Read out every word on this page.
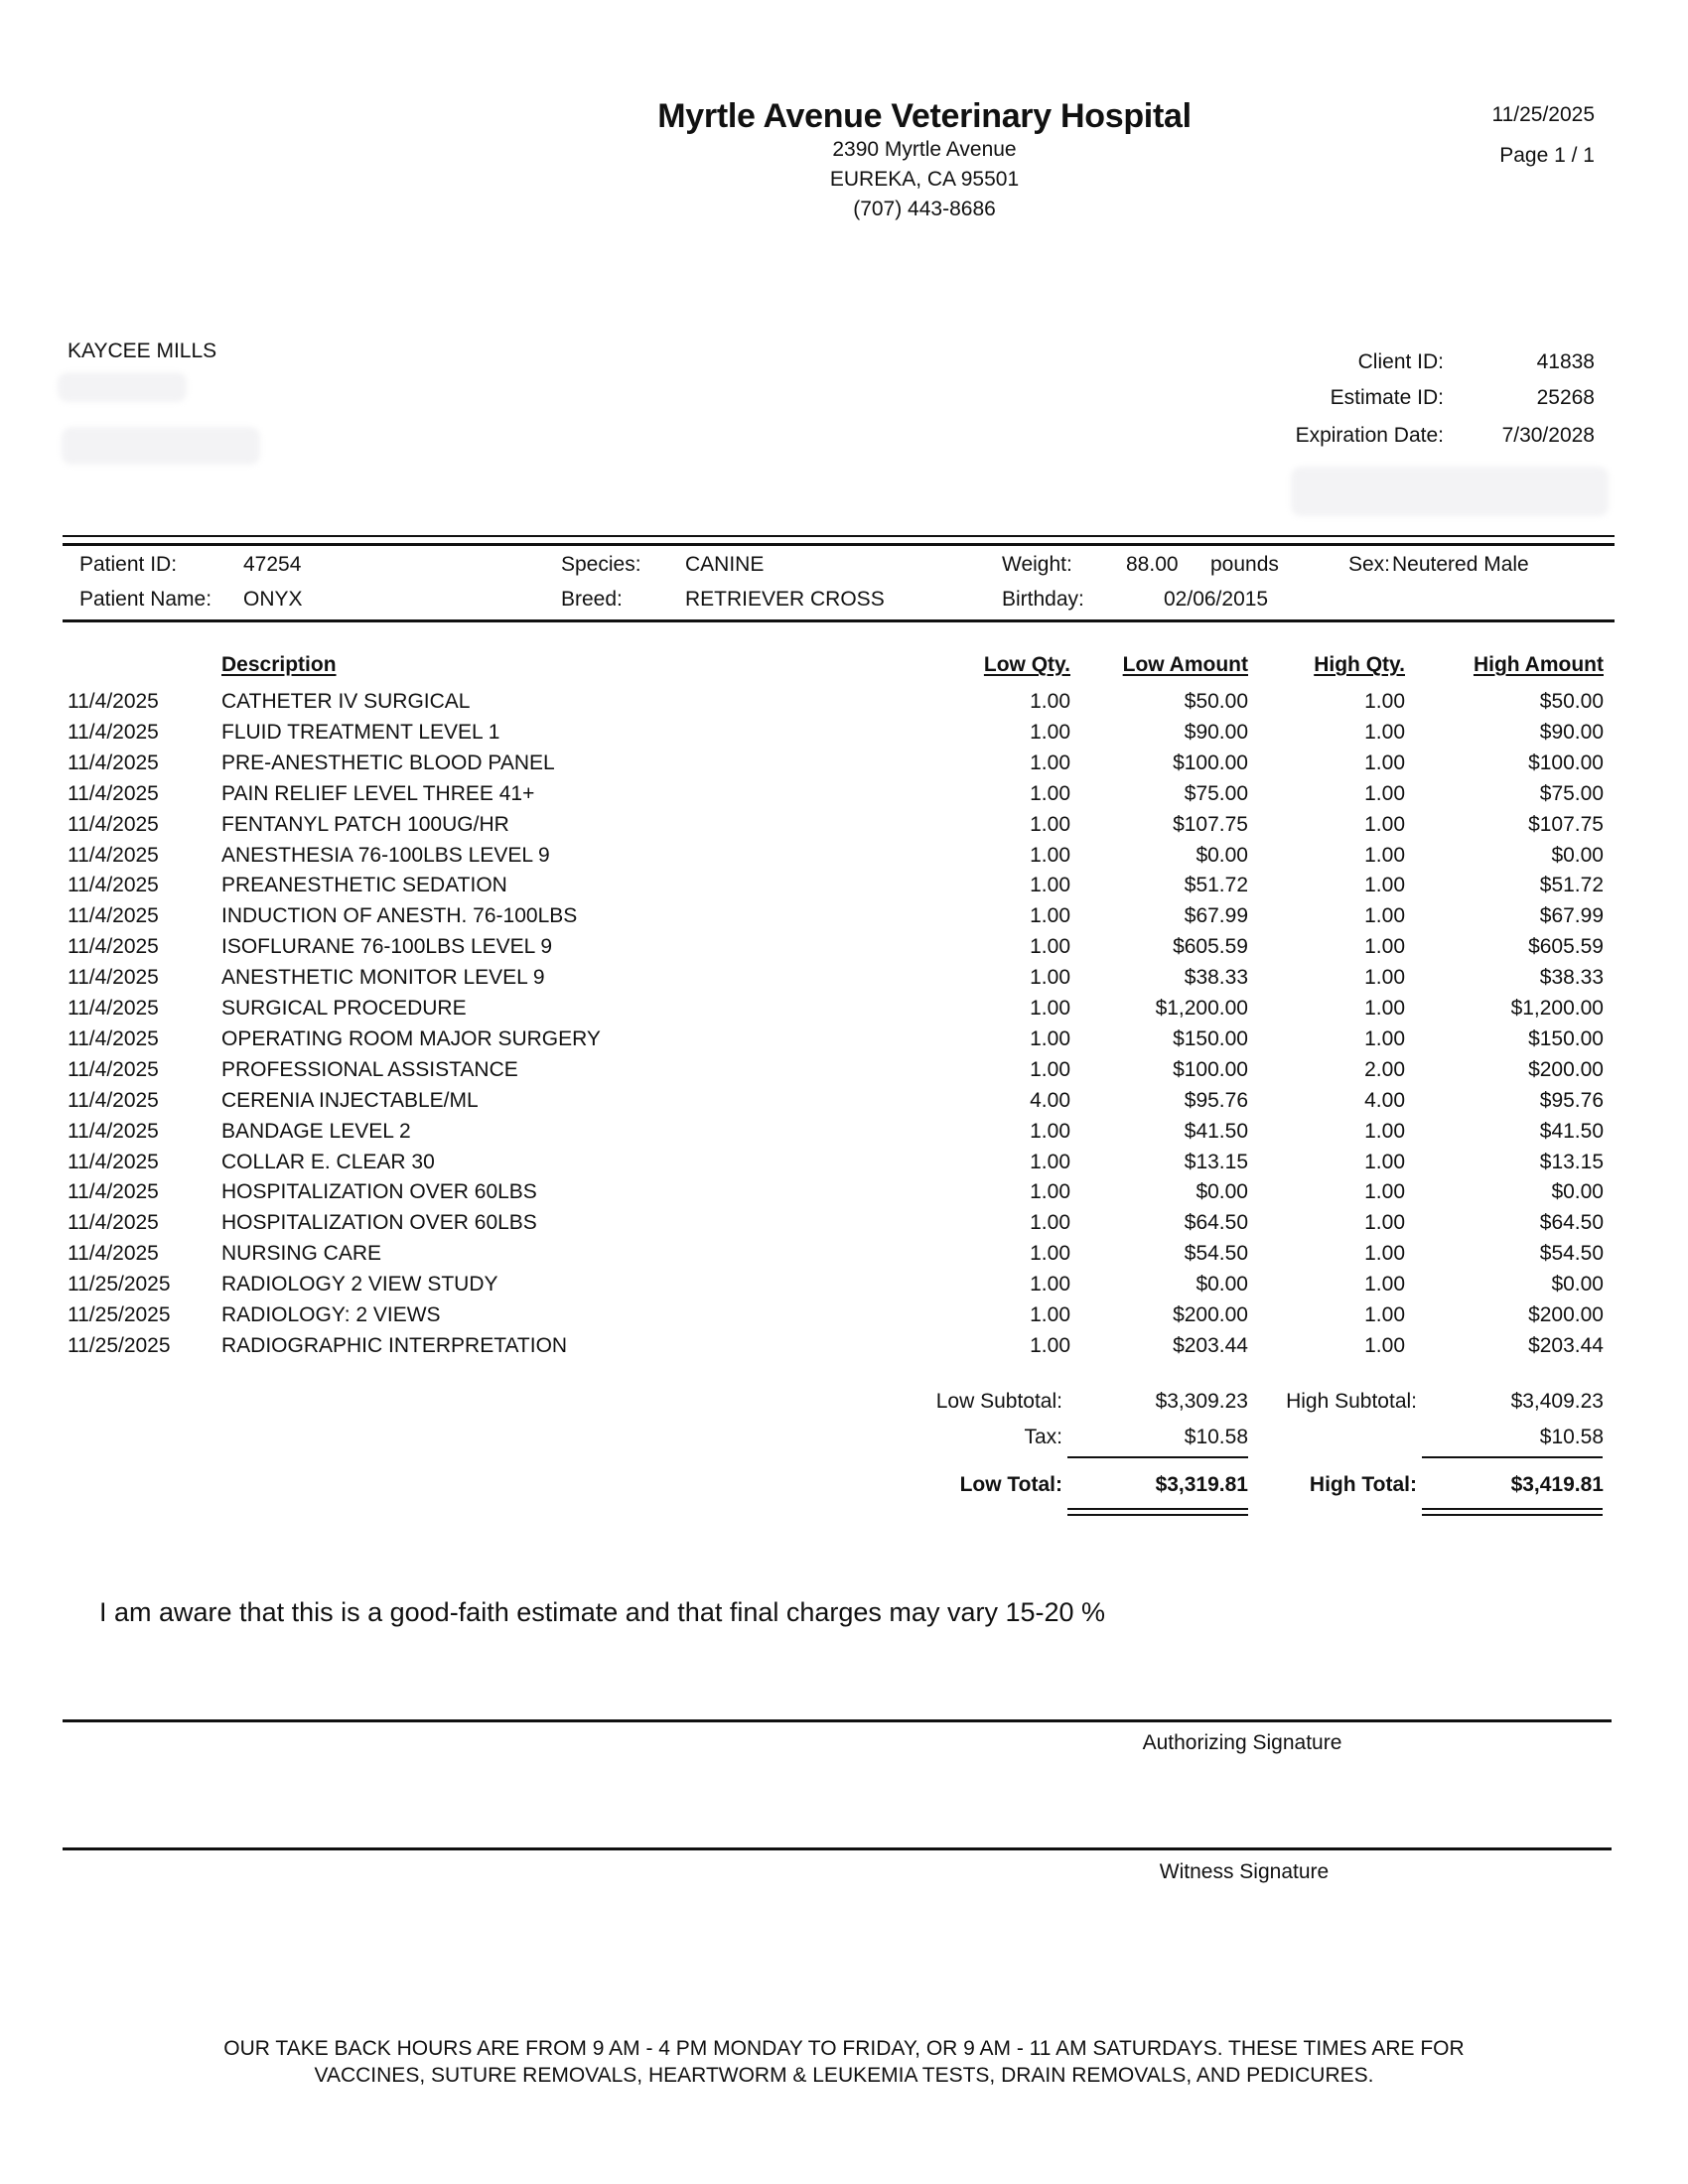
Myrtle Avenue Veterinary Hospital
2390 Myrtle Avenue
EUREKA, CA 95501
(707) 443-8686
11/25/2025
Page 1 / 1
KAYCEE MILLS	Client ID:	41838
Estimate ID:	25268
Expiration Date:	7/30/2028
Patient ID:	47254
Patient Name: ONYX
Species: CANINE
Breed:	RETRIEVER CROSS
Weight:	88.00 pounds
Birthday:	02/06/2015
Sex: Neutered Male
Description	Low Qty.	Low Amount	High Qty.	High Amount
11/4/2025	CATHETER IV SURGICAL	1.00	$50.00	1.00	$50.00
11/4/2025	FLUID TREATMENT LEVEL 1	1.00	$90.00	1.00	$90.00
11/4/2025	PRE-ANESTHETIC BLOOD PANEL	1.00	$100.00	1.00	$100.00
11/4/2025	PAIN RELIEF LEVEL THREE 41+	1.00	$75.00	1.00	$75.00
11/4/2025	FENTANYL PATCH 100UG/HR	1.00	$107.75	1.00	$107.75
11/4/2025	ANESTHESIA 76-100LBS LEVEL 9	1.00	$0.00	1.00	$0.00
11/4/2025	PREANESTHETIC SEDATION	1.00	$51.72	1.00	$51.72
11/4/2025	INDUCTION OF ANESTH. 76-100LBS	1.00	$67.99	1.00	$67.99
11/4/2025	ISOFLURANE 76-100LBS LEVEL 9	1.00	$605.59	1.00	$605.59
11/4/2025	ANESTHETIC MONITOR LEVEL 9	1.00	$38.33	1.00	$38.33
11/4/2025	SURGICAL PROCEDURE	1.00	$1,200.00	1.00	$1,200.00
11/4/2025	OPERATING ROOM MAJOR SURGERY	1.00	$150.00	1.00	$150.00
11/4/2025	PROFESSIONAL ASSISTANCE	1.00	$100.00	2.00	$200.00
11/4/2025	CERENIA INJECTABLE/ML	4.00	$95.76	4.00	$95.76
11/4/2025	BANDAGE LEVEL 2	1.00	$41.50	1.00	$41.50
11/4/2025	COLLAR E. CLEAR 30	1.00	$13.15	1.00	$13.15
11/4/2025	HOSPITALIZATION OVER 60LBS	1.00	$0.00	1.00	$0.00
11/4/2025	HOSPITALIZATION OVER 60LBS	1.00	$64.50	1.00	$64.50
11/4/2025	NURSING CARE	1.00	$54.50	1.00	$54.50
11/25/2025 RADIOLOGY 2 VIEW STUDY	1.00	$0.00	1.00	$0.00
11/25/2025 RADIOLOGY: 2 VIEWS	1.00	$200.00	1.00	$200.00
11/25/2025 RADIOGRAPHIC INTERPRETATION	1.00	$203.44	1.00	$203.44
Low Subtotal:	$3,309.23 High Subtotal:	$3,409.23
Tax:	$10.58	$10.58
Low Total:	$3,319.81	High Total:	$3,419.81
I am aware that this is a good-faith estimate and that final charges may vary 15-20 %
Authorizing Signature
Witness Signature
OUR TAKE BACK HOURS ARE FROM 9 AM - 4 PM MONDAY TO FRIDAY, OR 9 AM - 11 AM SATURDAYS. THESE TIMES ARE FOR
VACCINES, SUTURE REMOVALS, HEARTWORM & LEUKEMIA TESTS, DRAIN REMOVALS, AND PEDICURES.
